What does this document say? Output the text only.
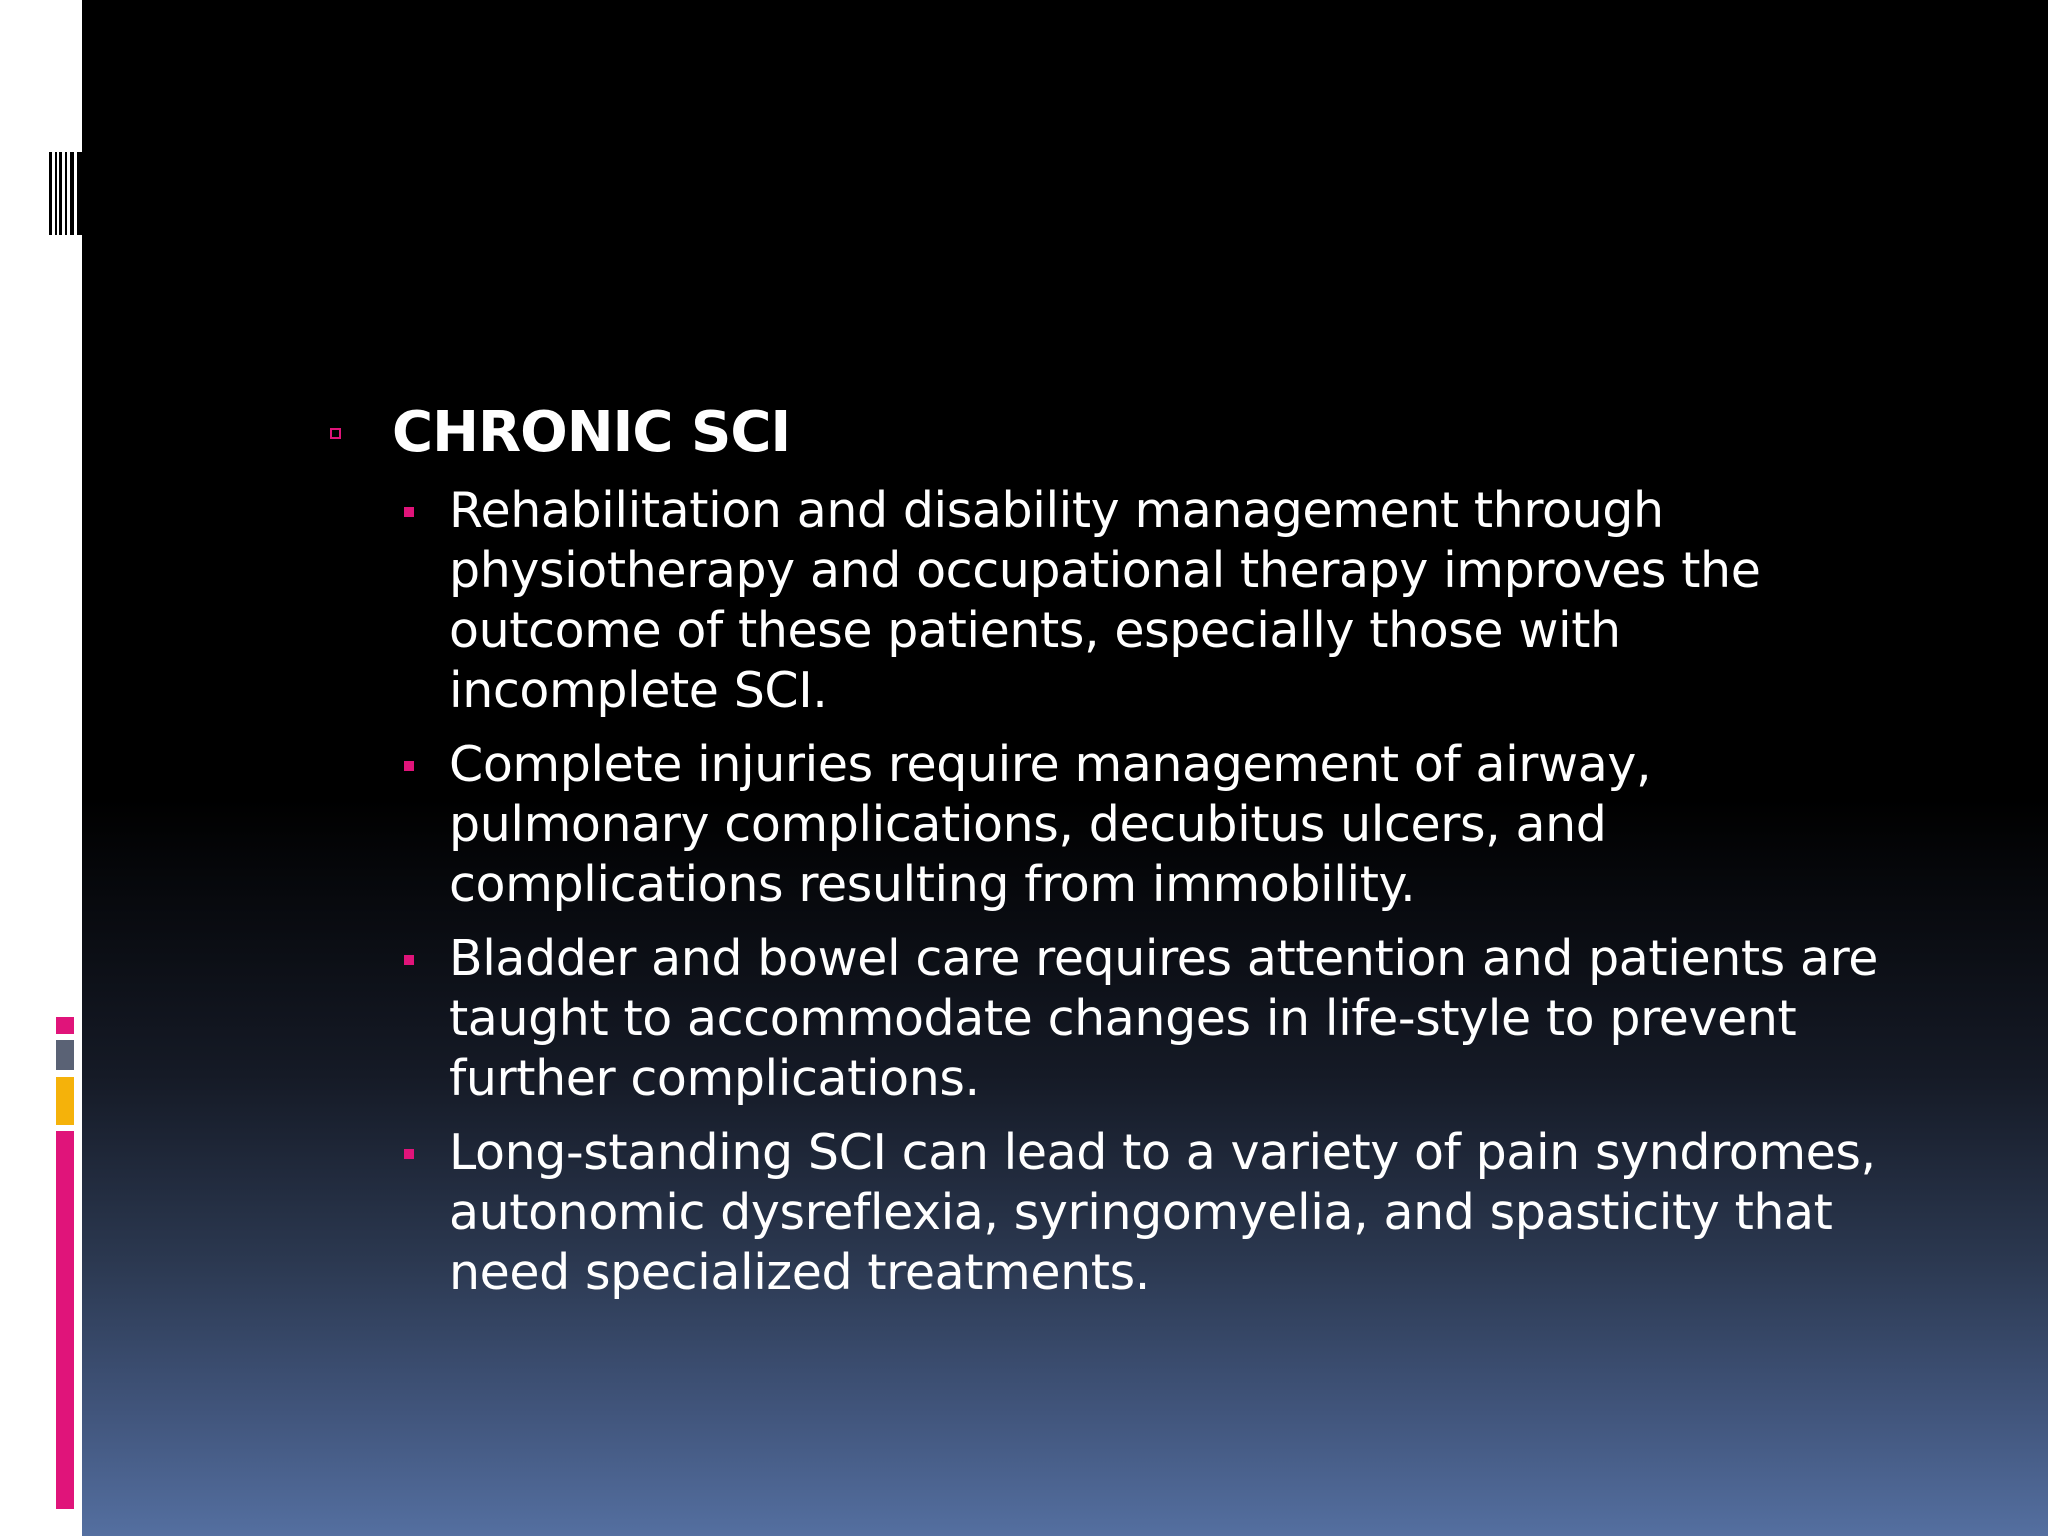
CHRONIC SCI
Rehabilitation and disability management through physiotherapy and occupational therapy improves the outcome of these patients, especially those with incomplete SCI.
Complete injuries require management of airway, pulmonary complications, decubitus ulcers, and complications resulting from immobility.
Bladder and bowel care requires attention and patients are taught to accommodate changes in life-style to prevent further complications.
Long-standing SCI can lead to a variety of pain syndromes, autonomic dysreflexia, syringomyelia, and spasticity that need specialized treatments.
